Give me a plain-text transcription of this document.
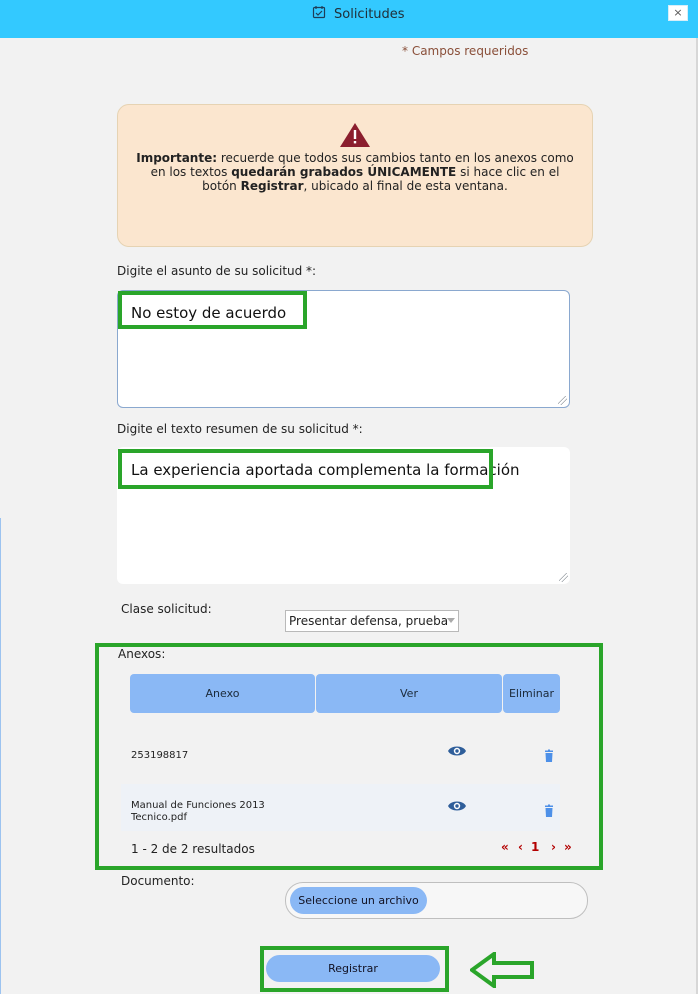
Solicitudes	×
* Campos requeridos
Importante: recuerde que todos sus cambios tanto en los anexos como en los textos quedarán grabados ÚNICAMENTE si hace clic en el botón Registrar, ubicado al final de esta ventana.
Digite el asunto de su solicitud *:
No estoy de acuerdo
Digite el texto resumen de su solicitud *:
La experiencia aportada complementa la formación
Clase solicitud:
Presentar defensa, prueba
Anexos:
Anexo	Ver	Eliminar
253198817
Manual de Funciones 2013 Tecnico.pdf
1 - 2 de 2 resultados	« ‹ 1 › »
Documento:
Seleccione un archivo
Registrar
